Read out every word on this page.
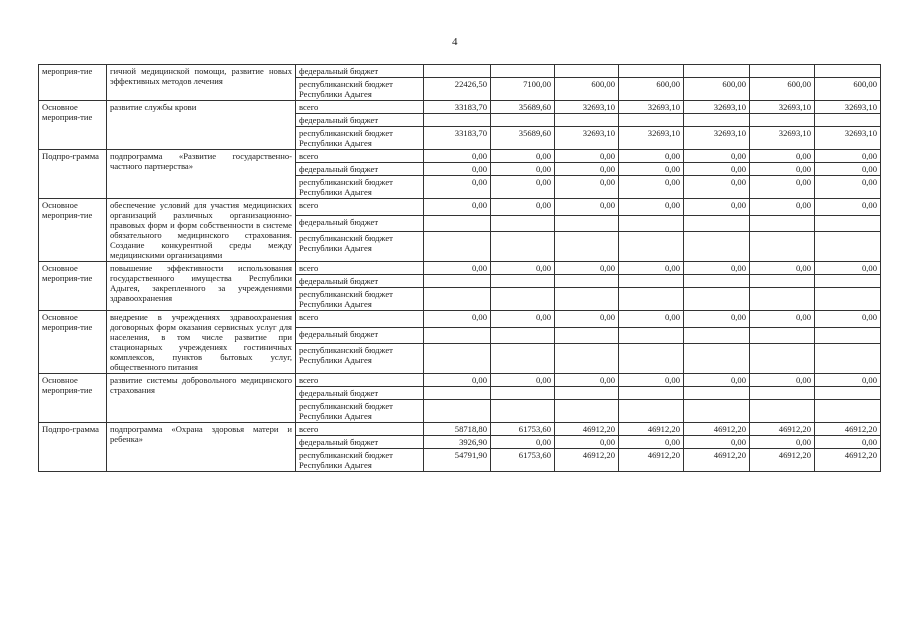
4
мероприя-тие	гичной медицинской помощи, развитие новых эффективных методов лечения	федеральный бюджет							
		республиканский бюджет Республики Адыгея	22426,50	7100,00	600,00	600,00	600,00	600,00	600,00
Основное мероприя-тие	развитие службы крови	всего	33183,70	35689,60	32693,10	32693,10	32693,10	32693,10	32693,10
		федеральный бюджет							
		республиканский бюджет Республики Адыгея	33183,70	35689,60	32693,10	32693,10	32693,10	32693,10	32693,10
Подпро-грамма	подпрограмма «Развитие государственно-частного партнерства»	всего	0,00	0,00	0,00	0,00	0,00	0,00	0,00
		федеральный бюджет	0,00	0,00	0,00	0,00	0,00	0,00	0,00
		республиканский бюджет Республики Адыгея	0,00	0,00	0,00	0,00	0,00	0,00	0,00
Основное мероприя-тие	обеспечение условий для участия медицинских организаций различных организационно-правовых форм и форм собственности в системе обязательного медицинского страхования. Создание конкурентной среды между медицинскими организациями	всего	0,00	0,00	0,00	0,00	0,00	0,00	0,00
		федеральный бюджет							
		республиканский бюджет Республики Адыгея							
Основное мероприя-тие	повышение эффективности использования государственного имущества Республики Адыгея, закрепленного за учреждениями здравоохранения	всего	0,00	0,00	0,00	0,00	0,00	0,00	0,00
		федеральный бюджет							
		республиканский бюджет Республики Адыгея							
Основное мероприя-тие	внедрение в учреждениях здравоохранения договорных форм оказания сервисных услуг для населения, в том числе развитие при стационарных учреждениях гостиничных комплексов, пунктов бытовых услуг, общественного питания	всего	0,00	0,00	0,00	0,00	0,00	0,00	0,00
		федеральный бюджет							
		республиканский бюджет Республики Адыгея							
Основное мероприя-тие	развитие системы добровольного медицинского страхования	всего	0,00	0,00	0,00	0,00	0,00	0,00	0,00
		федеральный бюджет							
		республиканский бюджет Республики Адыгея							
Подпро-грамма	подпрограмма «Охрана здоровья матери и ребенка»	всего	58718,80	61753,60	46912,20	46912,20	46912,20	46912,20	46912,20
		федеральный бюджет	3926,90	0,00	0,00	0,00	0,00	0,00	0,00
		республиканский бюджет Республики Адыгея	54791,90	61753,60	46912,20	46912,20	46912,20	46912,20	46912,20
